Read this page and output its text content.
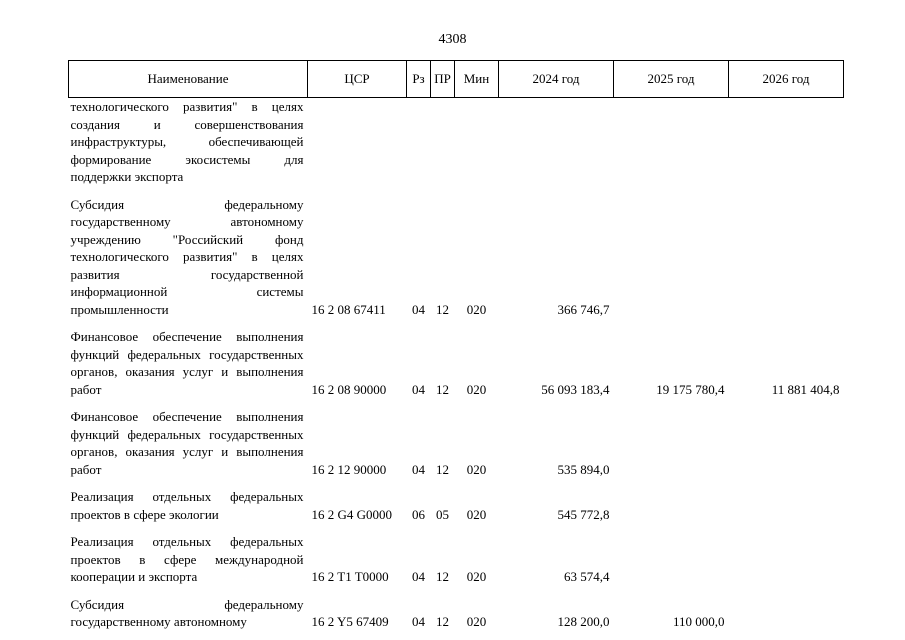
4308
Наименование	ЦСР	Рз	ПР	Мин	2024 год	2025 год	2026 год
технологического развития" в целях создания и совершенствования инфраструктуры, обеспечивающей формирование экосистемы для поддержки экспорта							
Субсидия федеральному государственному автономному учреждению "Российский фонд технологического развития" в целях развития государственной информационной системы промышленности	16 2 08 67411	04	12	020	366 746,7		
Финансовое обеспечение выполнения функций федеральных государственных органов, оказания услуг и выполнения работ	16 2 08 90000	04	12	020	56 093 183,4	19 175 780,4	11 881 404,8
Финансовое обеспечение выполнения функций федеральных государственных органов, оказания услуг и выполнения работ	16 2 12 90000	04	12	020	535 894,0		
Реализация отдельных федеральных проектов в сфере экологии	16 2 G4 G0000	06	05	020	545 772,8		
Реализация отдельных федеральных проектов в сфере международной кооперации и экспорта	16 2 T1 T0000	04	12	020	63 574,4		
Субсидия федеральному государственному автономному	16 2 Y5 67409	04	12	020	128 200,0	110 000,0	
